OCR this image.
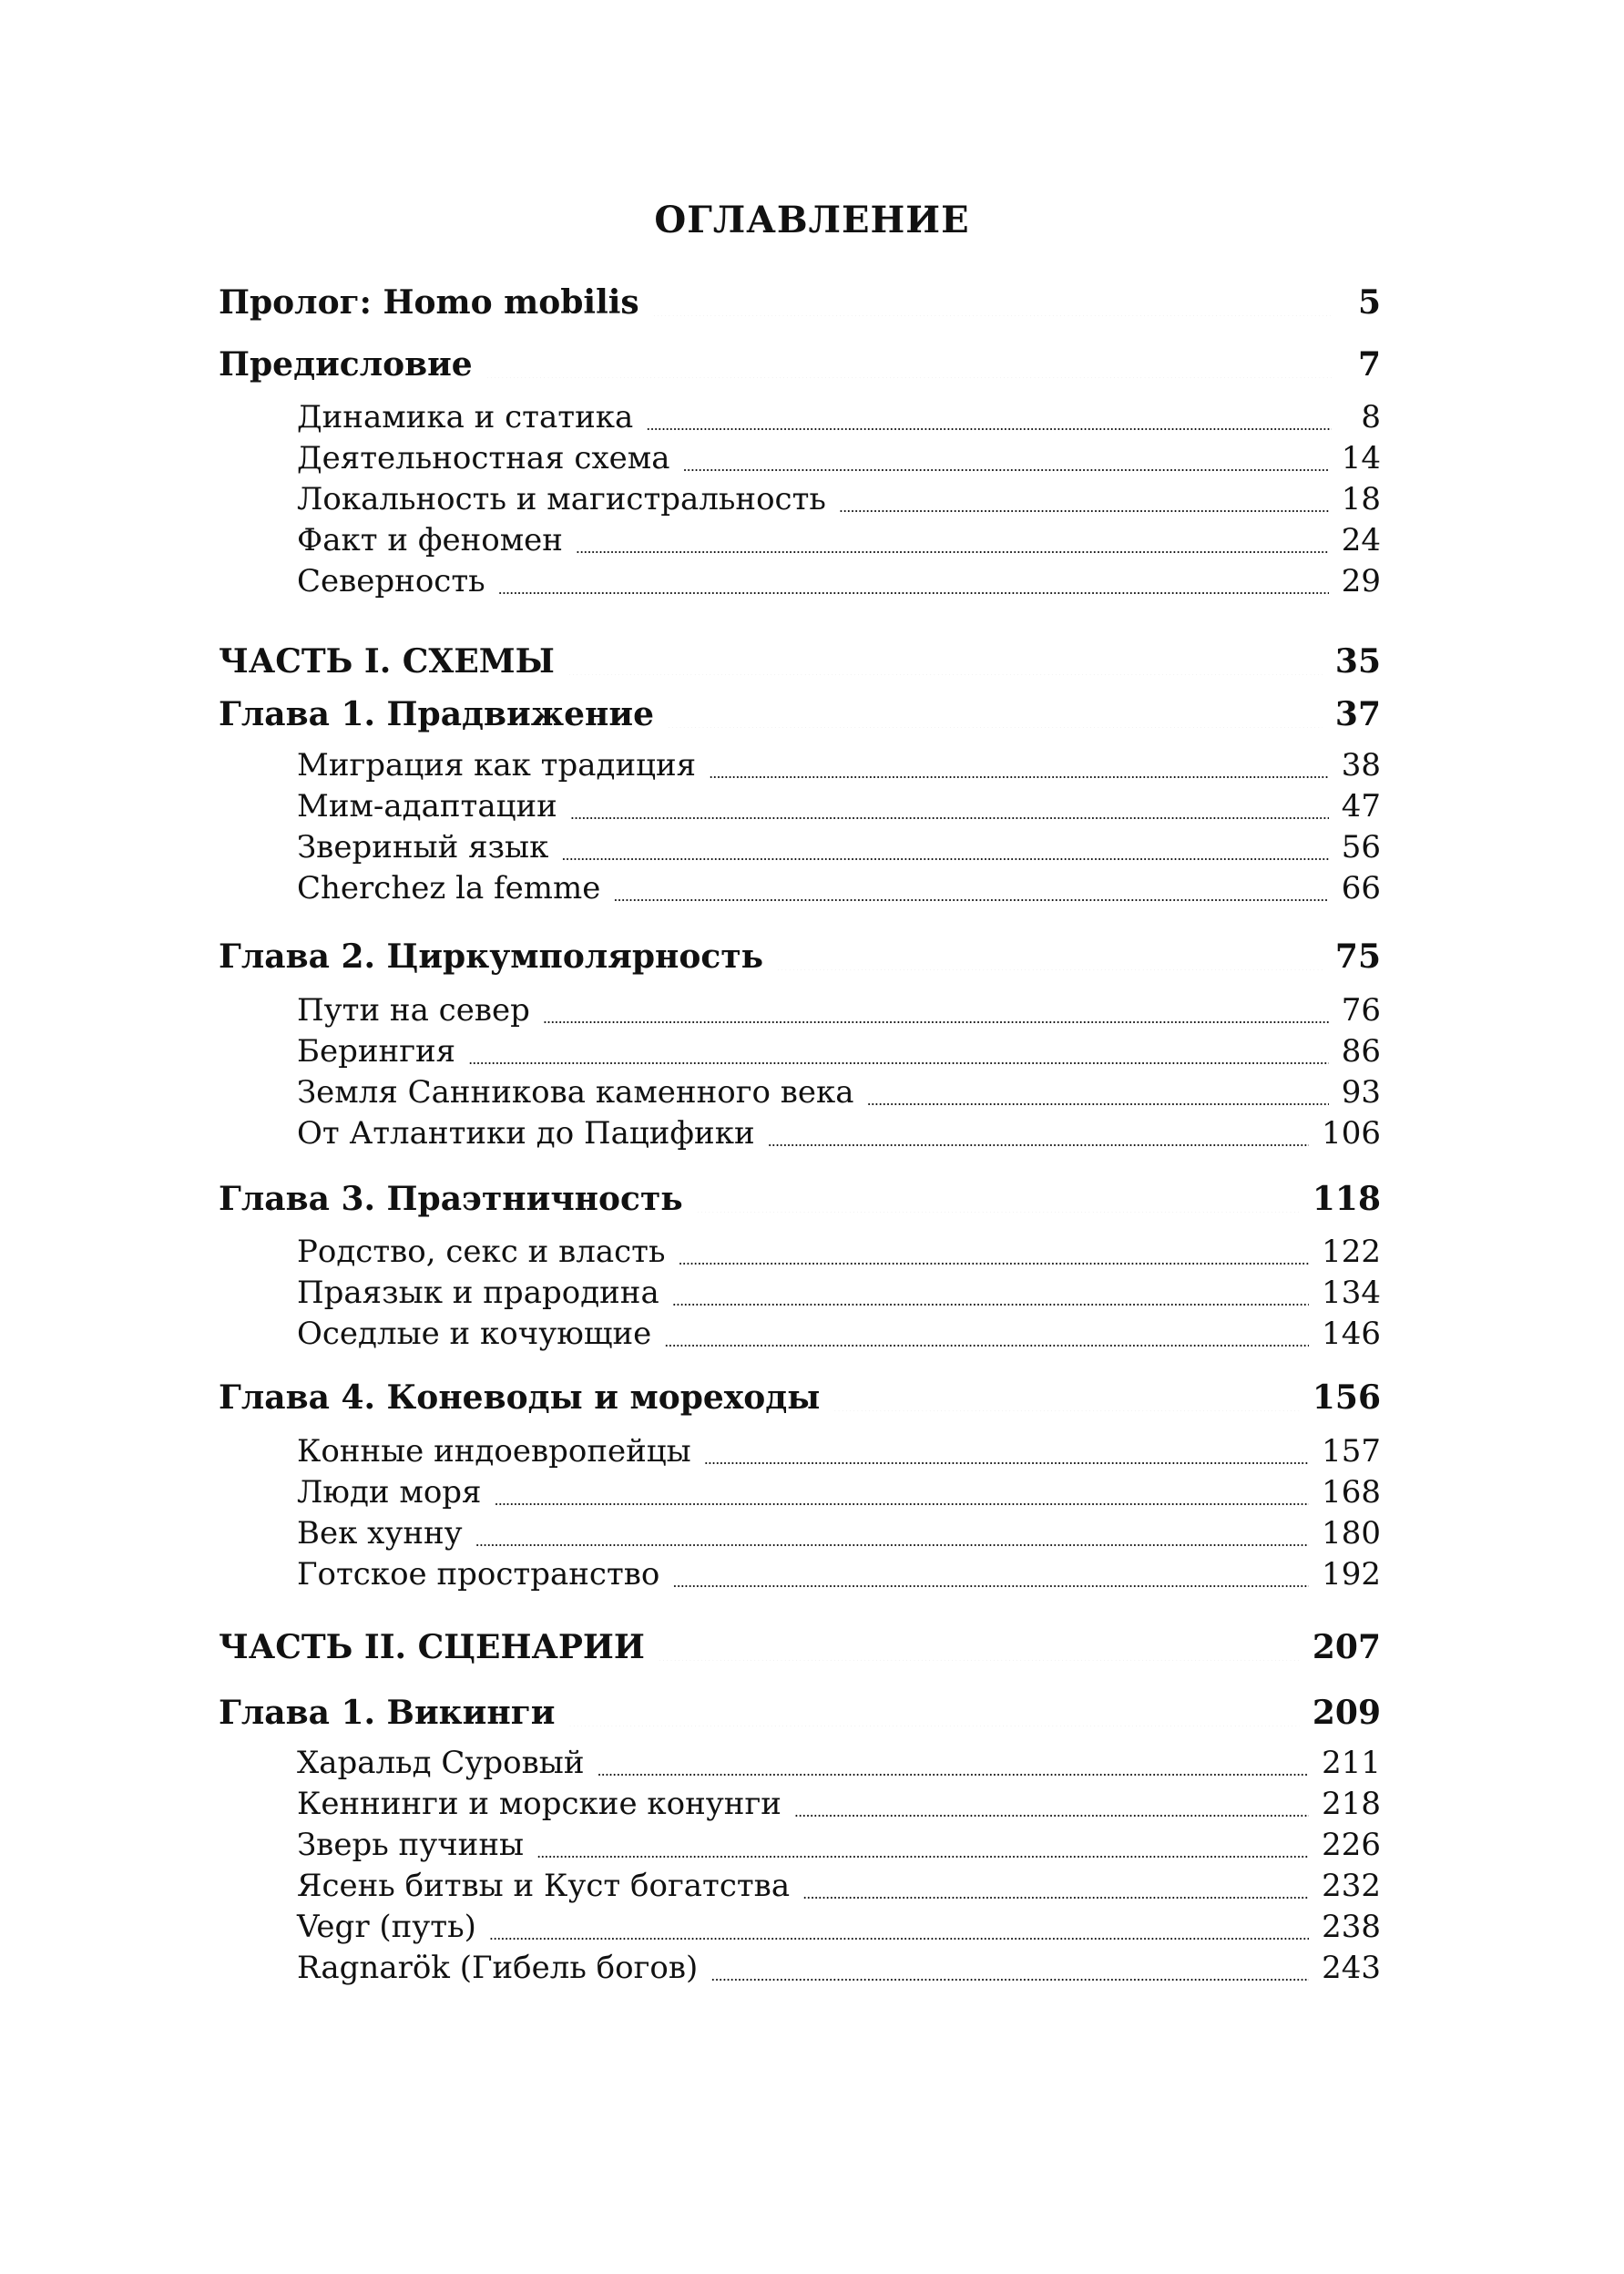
ОГЛАВЛЕНИЕ
Пролог: Homo mobilis . . .	5
Предисловие . . .	7
Динамика и статика . . .	8
Деятельностная схема . . .	14
Локальность и магистральность . . .	18
Факт и феномен . . .	24
Северность . . .	29
ЧАСТЬ I. СХЕМЫ . . .	35
Глава 1. Прадвижение . . .	37
Миграция как традиция . . .	38
Мим-адаптации . . .	47
Звериный язык . . .	56
Cherchez la femme . . .	66
Глава 2. Циркумполярность . . .	75
Пути на север . . .	76
Берингия . . .	86
Земля Санникова каменного века . . .	93
От Атлантики до Пацифики . . .	106
Глава 3. Праэтничность . . .	118
Родство, секс и власть . . .	122
Праязык и прародина . . .	134
Оседлые и кочующие . . .	146
Глава 4. Коневоды и мореходы . . .	156
Конные индоевропейцы . . .	157
Люди моря . . .	168
Век хунну . . .	180
Готское пространство . . .	192
ЧАСТЬ II. СЦЕНАРИИ . . .	207
Глава 1. Викинги . . .	209
Харальд Суровый . . .	211
Кеннинги и морские конунги . . .	218
Зверь пучины . . .	226
Ясень битвы и Куст богатства . . .	232
Vegr (путь) . . .	238
Ragnarök (Гибель богов) . . .	243
